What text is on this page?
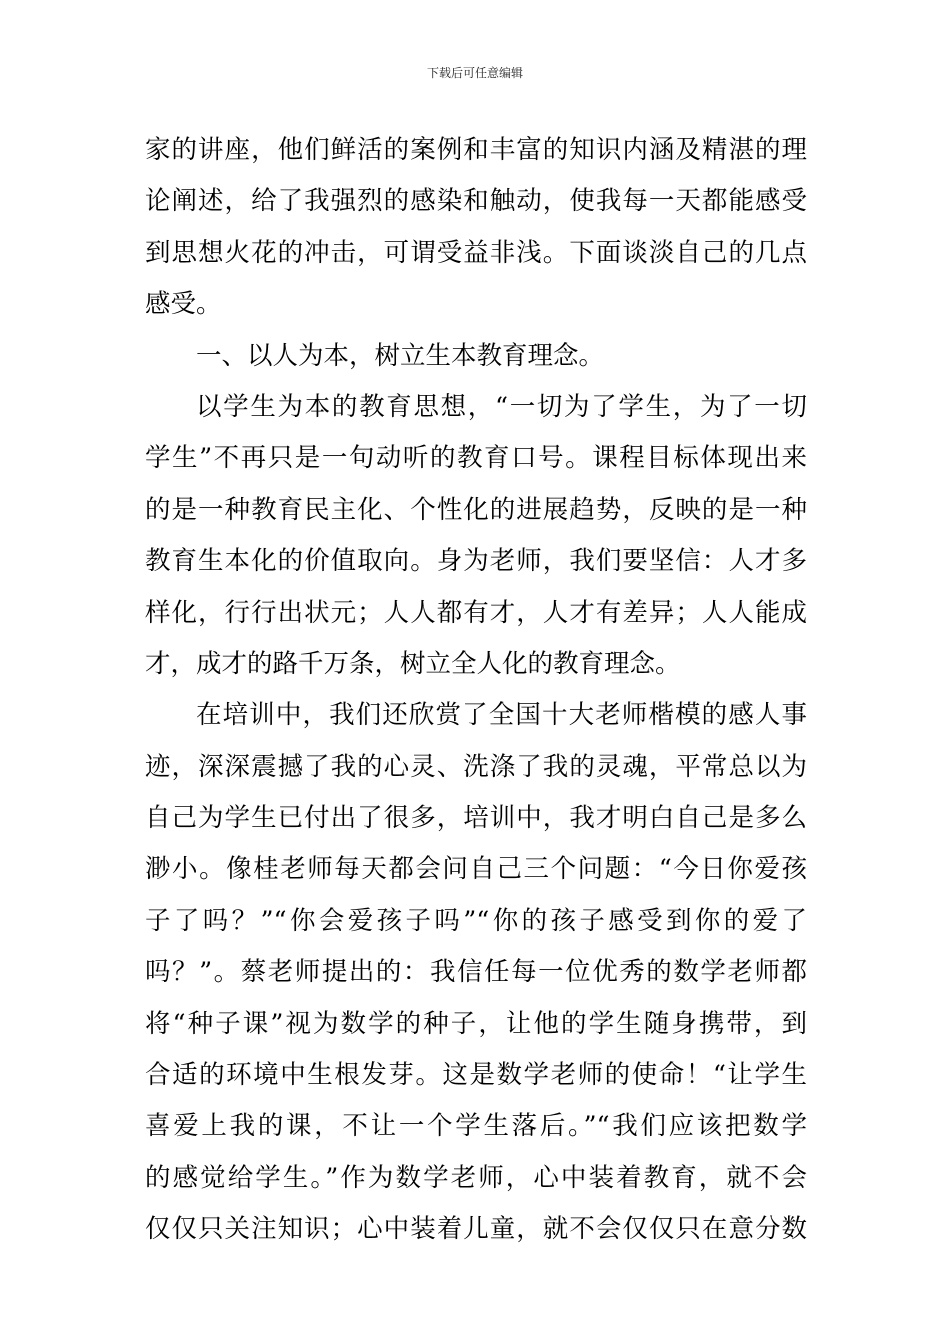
下载后可任意编辑
家的讲座，他们鲜活的案例和丰富的知识内涵及精湛的理
论阐述，给了我强烈的感染和触动，使我每一天都能感受
到思想火花的冲击，可谓受益非浅。下面谈淡自己的几点
感受。
一、以人为本，树立生本教育理念。
以学生为本的教育思想，“一切为了学生，为了一切
学生”不再只是一句动听的教育口号。课程目标体现出来
的是一种教育民主化、个性化的进展趋势，反映的是一种
教育生本化的价值取向。身为老师，我们要坚信：人才多
样化，行行出状元；人人都有才，人才有差异；人人能成
才，成才的路千万条，树立全人化的教育理念。
在培训中，我们还欣赏了全国十大老师楷模的感人事
迹，深深震撼了我的心灵、洗涤了我的灵魂，平常总以为
自己为学生已付出了很多，培训中，我才明白自己是多么
渺小。像桂老师每天都会问自己三个问题：“今日你爱孩
子了吗？”“你会爱孩子吗”“你的孩子感受到你的爱了
吗？”。蔡老师提出的：我信任每一位优秀的数学老师都
将“种子课”视为数学的种子，让他的学生随身携带，到
合适的环境中生根发芽。这是数学老师的使命！“让学生
喜爱上我的课，不让一个学生落后。”“我们应该把数学
的感觉给学生。”作为数学老师，心中装着教育，就不会
仅仅只关注知识；心中装着儿童，就不会仅仅只在意分数
